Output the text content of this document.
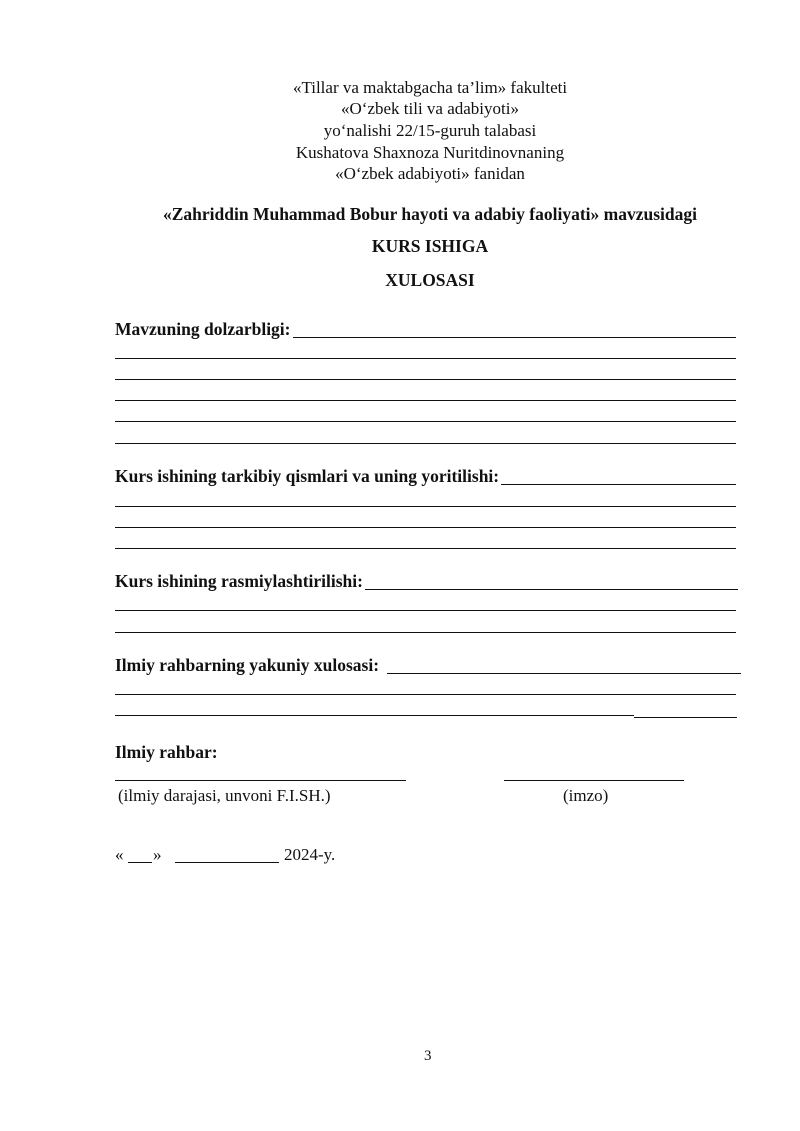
«Tillar va maktabgacha ta’lim» fakulteti
«O‘zbek tili va adabiyoti»
yo‘nalishi 22/15-guruh talabasi
Kushatova Shaxnoza Nuritdinovnaning
«O‘zbek adabiyoti» fanidan
«Zahriddin Muhammad Bobur hayoti va adabiy faoliyati» mavzusidagi
KURS ISHIGA
XULOSASI
Mavzuning dolzarbligi:
Kurs ishining tarkibiy qismlari va uning yoritilishi:
Kurs ishining rasmiylashtirilishi:
Ilmiy rahbarning yakuniy xulosasi:
Ilmiy rahbar:
(ilmiy darajasi, unvoni F.I.SH.)	(imzo)
« »	2024-y.
3
